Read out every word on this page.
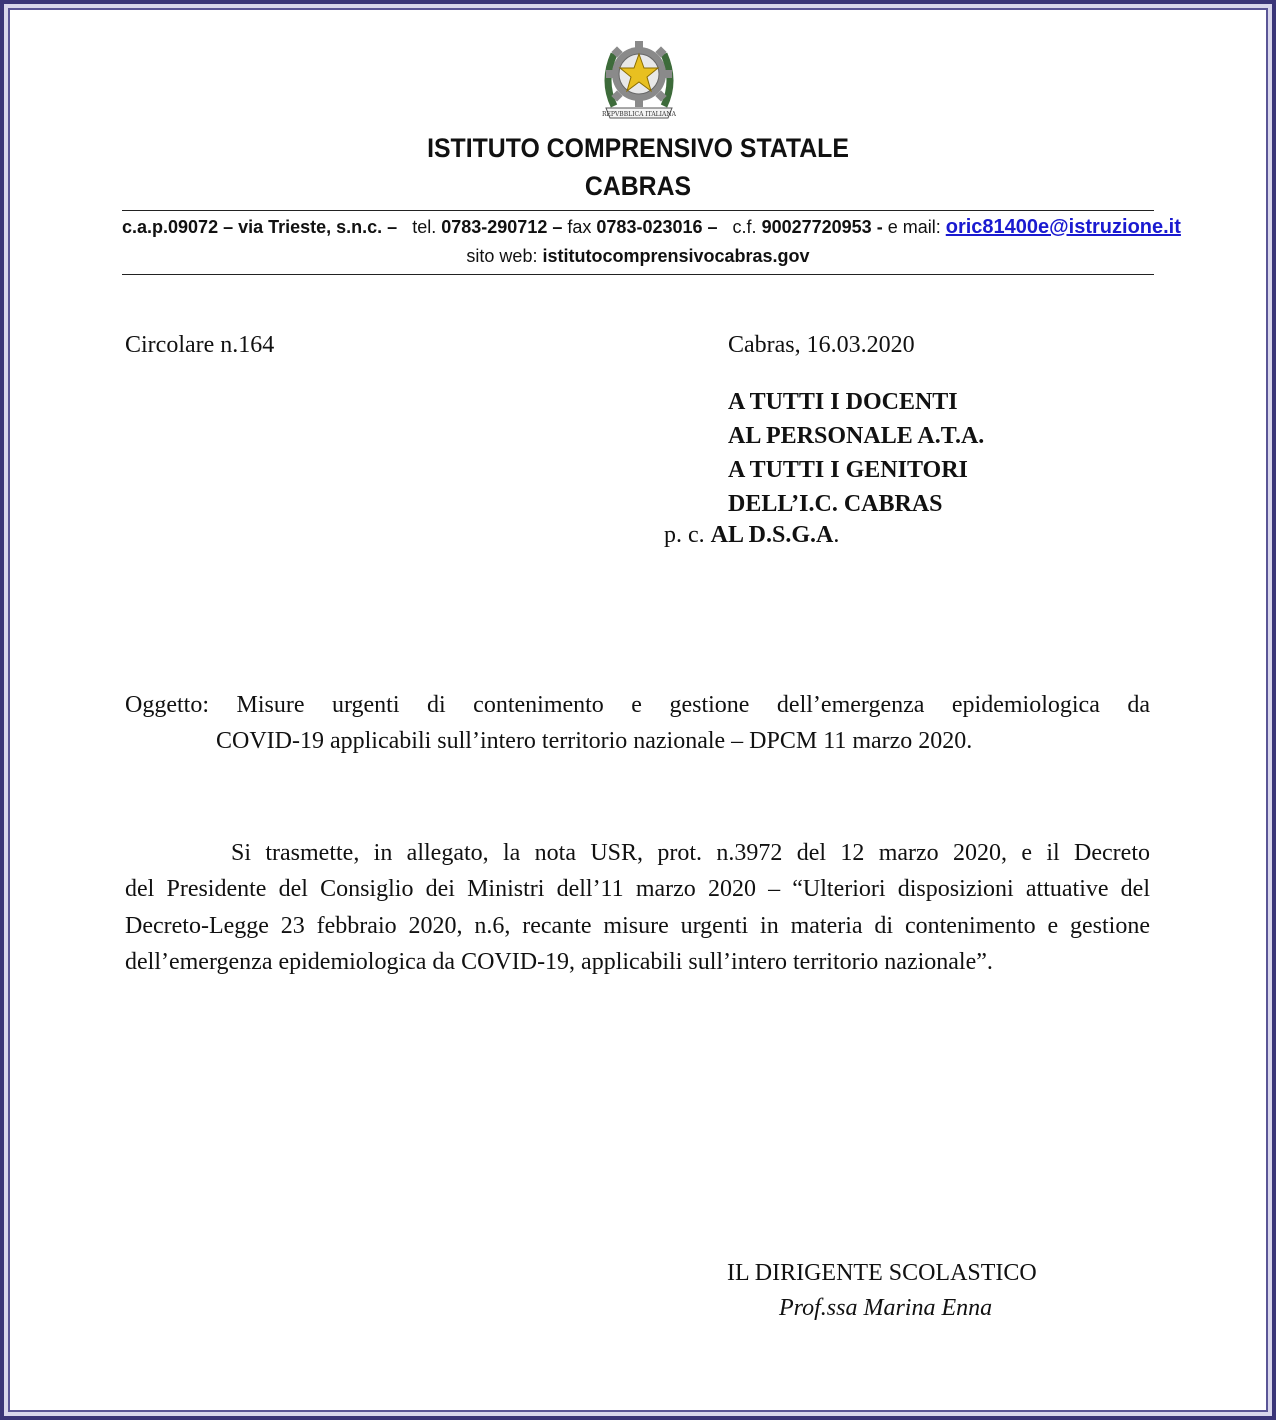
REPVBBLICA ITALIANA
ISTITUTO COMPRENSIVO STATALE
CABRAS
c.a.p.09072 – via Trieste, s.n.c. – tel. 0783-290712 – fax 0783-023016 – c.f. 90027720953 - e mail: oric81400e@istruzione.it
sito web: istitutocomprensivocabras.gov
Circolare n.164	Cabras, 16.03.2020
A TUTTI I DOCENTI
AL PERSONALE A.T.A.
A TUTTI I GENITORI
DELL’I.C. CABRAS
p. c. AL D.S.G.A.
Oggetto: Misure urgenti di contenimento e gestione dell’emergenza epidemiologica da
COVID-19 applicabili sull’intero territorio nazionale – DPCM 11 marzo 2020.
Si trasmette, in allegato, la nota USR, prot. n.3972 del 12 marzo 2020, e il Decreto
del Presidente del Consiglio dei Ministri dell’11 marzo 2020 – “Ulteriori disposizioni attuative del Decreto-Legge 23 febbraio 2020, n.6, recante misure urgenti in materia di contenimento e gestione dell’emergenza epidemiologica da COVID-19, applicabili sull’intero territorio nazionale”.
IL DIRIGENTE SCOLASTICO
Prof.ssa Marina Enna
